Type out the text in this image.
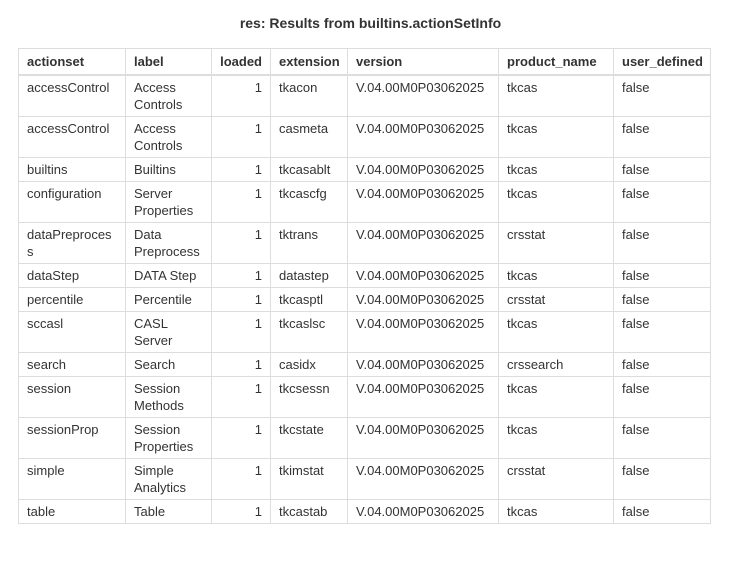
res: Results from builtins.actionSetInfo
actionset	label	loaded	extension	version	product_name	user_defined
accessControl	Access Controls	1	tkacon	V.04.00M0P03062025	tkcas	false
accessControl	Access Controls	1	casmeta	V.04.00M0P03062025	tkcas	false
builtins	Builtins	1	tkcasablt	V.04.00M0P03062025	tkcas	false
configuration	Server Properties	1	tkcascfg	V.04.00M0P03062025	tkcas	false
dataPreprocess	Data Preprocess	1	tktrans	V.04.00M0P03062025	crsstat	false
dataStep	DATA Step	1	datastep	V.04.00M0P03062025	tkcas	false
percentile	Percentile	1	tkcasptl	V.04.00M0P03062025	crsstat	false
sccasl	CASL Server	1	tkcaslsc	V.04.00M0P03062025	tkcas	false
search	Search	1	casidx	V.04.00M0P03062025	crssearch	false
session	Session Methods	1	tkcsessn	V.04.00M0P03062025	tkcas	false
sessionProp	Session Properties	1	tkcstate	V.04.00M0P03062025	tkcas	false
simple	Simple Analytics	1	tkimstat	V.04.00M0P03062025	crsstat	false
table	Table	1	tkcastab	V.04.00M0P03062025	tkcas	false
